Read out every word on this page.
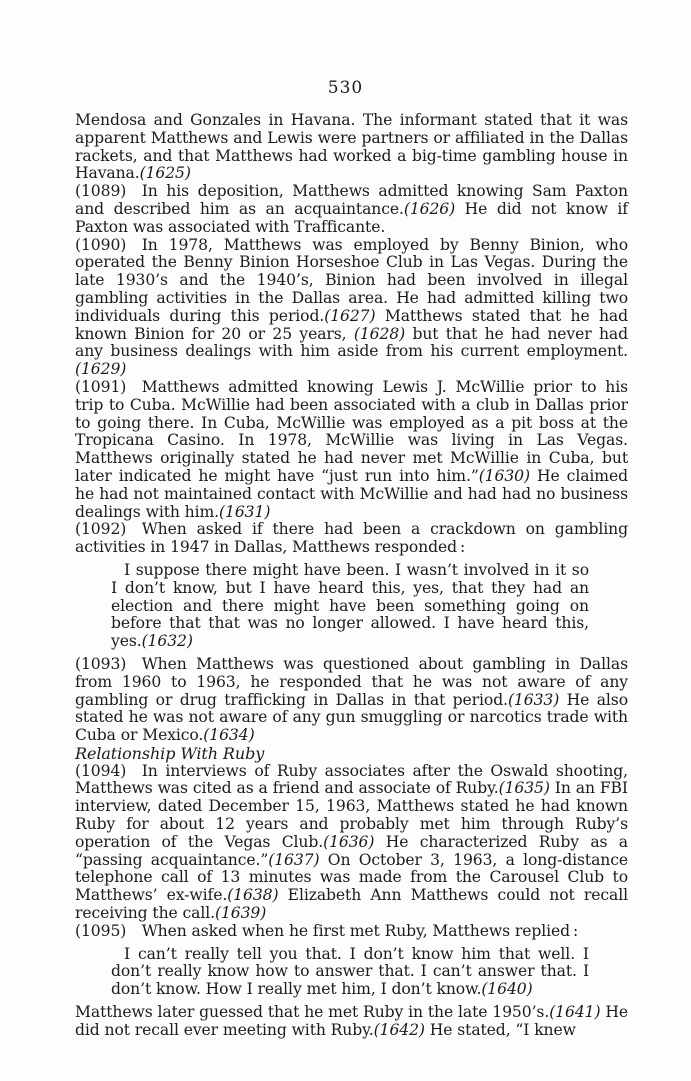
530

Mendosa and Gonzales in Havana. The informant stated that it was apparent Matthews and Lewis were partners or affiliated in the Dallas rackets, and that Matthews had worked a big-time gambling house in Havana.(1625)

(1089) In his deposition, Matthews admitted knowing Sam Paxton and described him as an acquaintance.(1626) He did not know if Paxton was associated with Trafficante.

(1090) In 1978, Matthews was employed by Benny Binion, who operated the Benny Binion Horseshoe Club in Las Vegas. During the late 1930’s and the 1940’s, Binion had been involved in illegal gambling activities in the Dallas area. He had admitted killing two individuals during this period.(1627) Matthews stated that he had known Binion for 20 or 25 years, (1628) but that he had never had any business dealings with him aside from his current employment.(1629)

(1091) Matthews admitted knowing Lewis J. McWillie prior to his trip to Cuba. McWillie had been associated with a club in Dallas prior to going there. In Cuba, McWillie was employed as a pit boss at the Tropicana Casino. In 1978, McWillie was living in Las Vegas. Matthews originally stated he had never met McWillie in Cuba, but later indicated he might have “just run into him.”(1630) He claimed he had not maintained contact with McWillie and had had no business dealings with him.(1631)

(1092) When asked if there had been a crackdown on gambling activities in 1947 in Dallas, Matthews responded :

I suppose there might have been. I wasn’t involved in it so I don’t know, but I have heard this, yes, that they had an election and there might have been something going on before that that was no longer allowed. I have heard this, yes.(1632)

(1093) When Matthews was questioned about gambling in Dallas from 1960 to 1963, he responded that he was not aware of any gambling or drug trafficking in Dallas in that period.(1633) He also stated he was not aware of any gun smuggling or narcotics trade with Cuba or Mexico.(1634)

Relationship With Ruby

(1094) In interviews of Ruby associates after the Oswald shooting, Matthews was cited as a friend and associate of Ruby.(1635) In an FBI interview, dated December 15, 1963, Matthews stated he had known Ruby for about 12 years and probably met him through Ruby’s operation of the Vegas Club.(1636) He characterized Ruby as a “passing acquaintance.”(1637) On October 3, 1963, a long-distance telephone call of 13 minutes was made from the Carousel Club to Matthews’ ex-wife.(1638) Elizabeth Ann Matthews could not recall receiving the call.(1639)

(1095) When asked when he first met Ruby, Matthews replied :

I can’t really tell you that. I don’t know him that well. I don’t really know how to answer that. I can’t answer that. I don’t know. How I really met him, I don’t know.(1640)

Matthews later guessed that he met Ruby in the late 1950’s.(1641) He did not recall ever meeting with Ruby.(1642) He stated, “I knew
